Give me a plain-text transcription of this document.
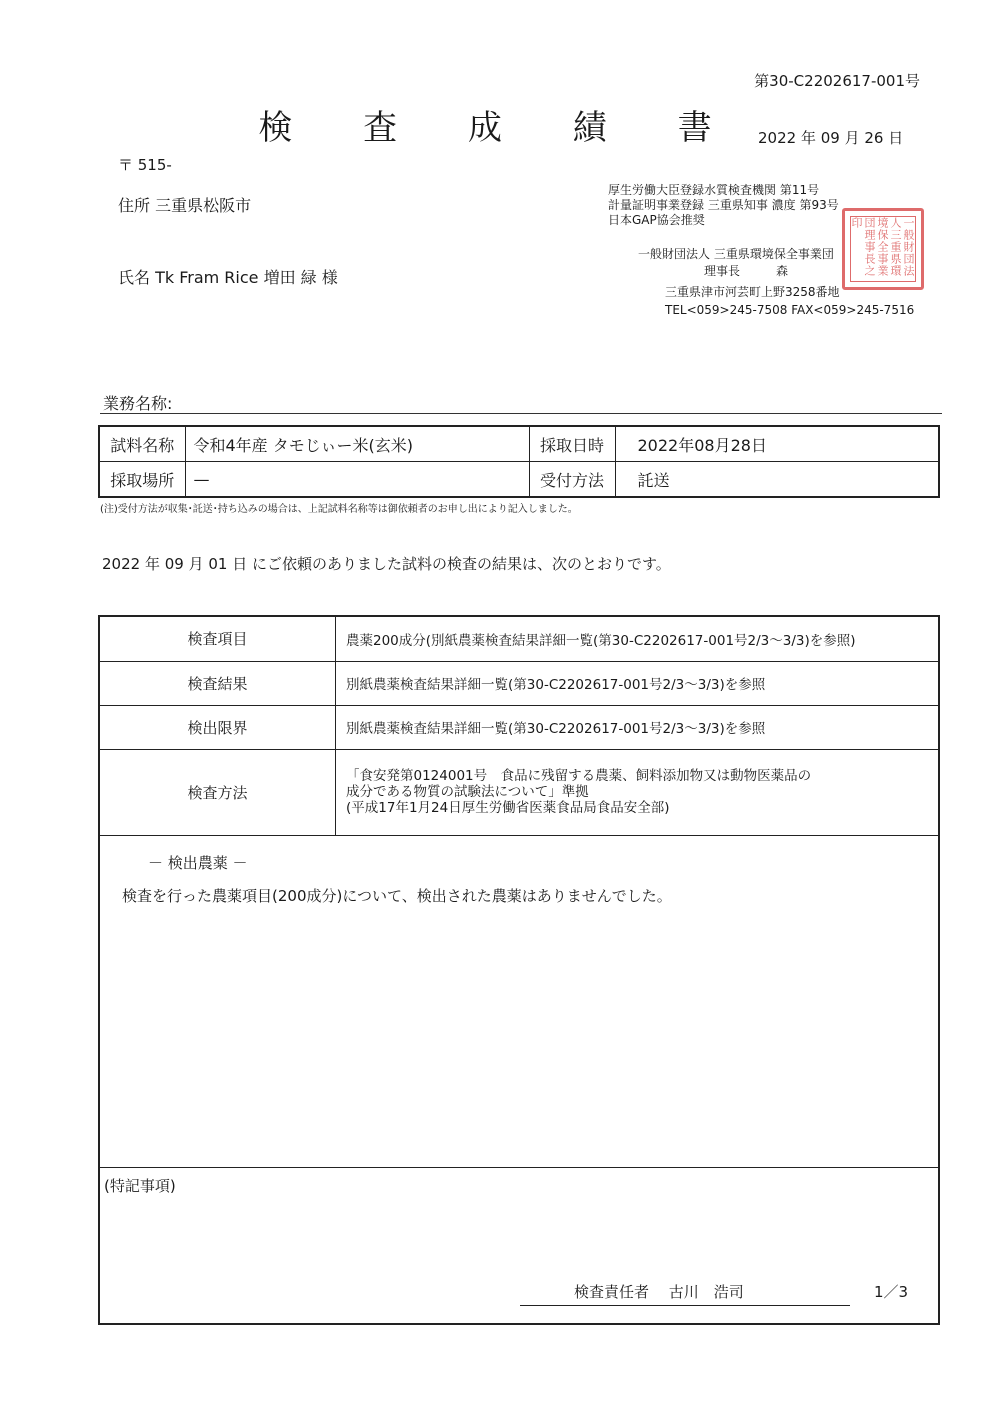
第30-C2202617-001号
検 査 成 績 書	2022 年 09 月 26 日
〒 515-
住所 三重県松阪市
氏名 Tk Fram Rice 増田 緑 様
厚生労働大臣登録水質検査機関 第11号
計量証明事業登録 三重県知事 濃度 第93号
日本GAP協会推奨
一般財団法人 三重県環境保全事業団
理事長　　　森 　
三重県津市河芸町上野3258番地
TEL<059>245-7508 FAX<059>245-7516
一般財団法人三重県環境保全事業団理事長之印
業務名称:
試料名称	令和4年産 タモじぃー米(玄米)	採取日時	2022年08月28日
採取場所	—	受付方法	託送
(注)受付方法が収集･託送･持ち込みの場合は、上記試料名称等は御依頼者のお申し出により記入しました。
2022 年 09 月 01 日 にご依頼のありました試料の検査の結果は、次のとおりです。
検査項目	農薬200成分(別紙農薬検査結果詳細一覧(第30-C2202617-001号2/3～3/3)を参照)
検査結果	別紙農薬検査結果詳細一覧(第30-C2202617-001号2/3～3/3)を参照
検出限界	別紙農薬検査結果詳細一覧(第30-C2202617-001号2/3～3/3)を参照
検査方法	「食安発第0124001号　食品に残留する農薬、飼料添加物又は動物医薬品の
成分である物質の試験法について」準拠
(平成17年1月24日厚生労働省医薬食品局食品安全部)
－ 検出農薬 －
検査を行った農薬項目(200成分)について、検出された農薬はありませんでした。
(特記事項)
検査責任者　 古川　浩司	1／3
